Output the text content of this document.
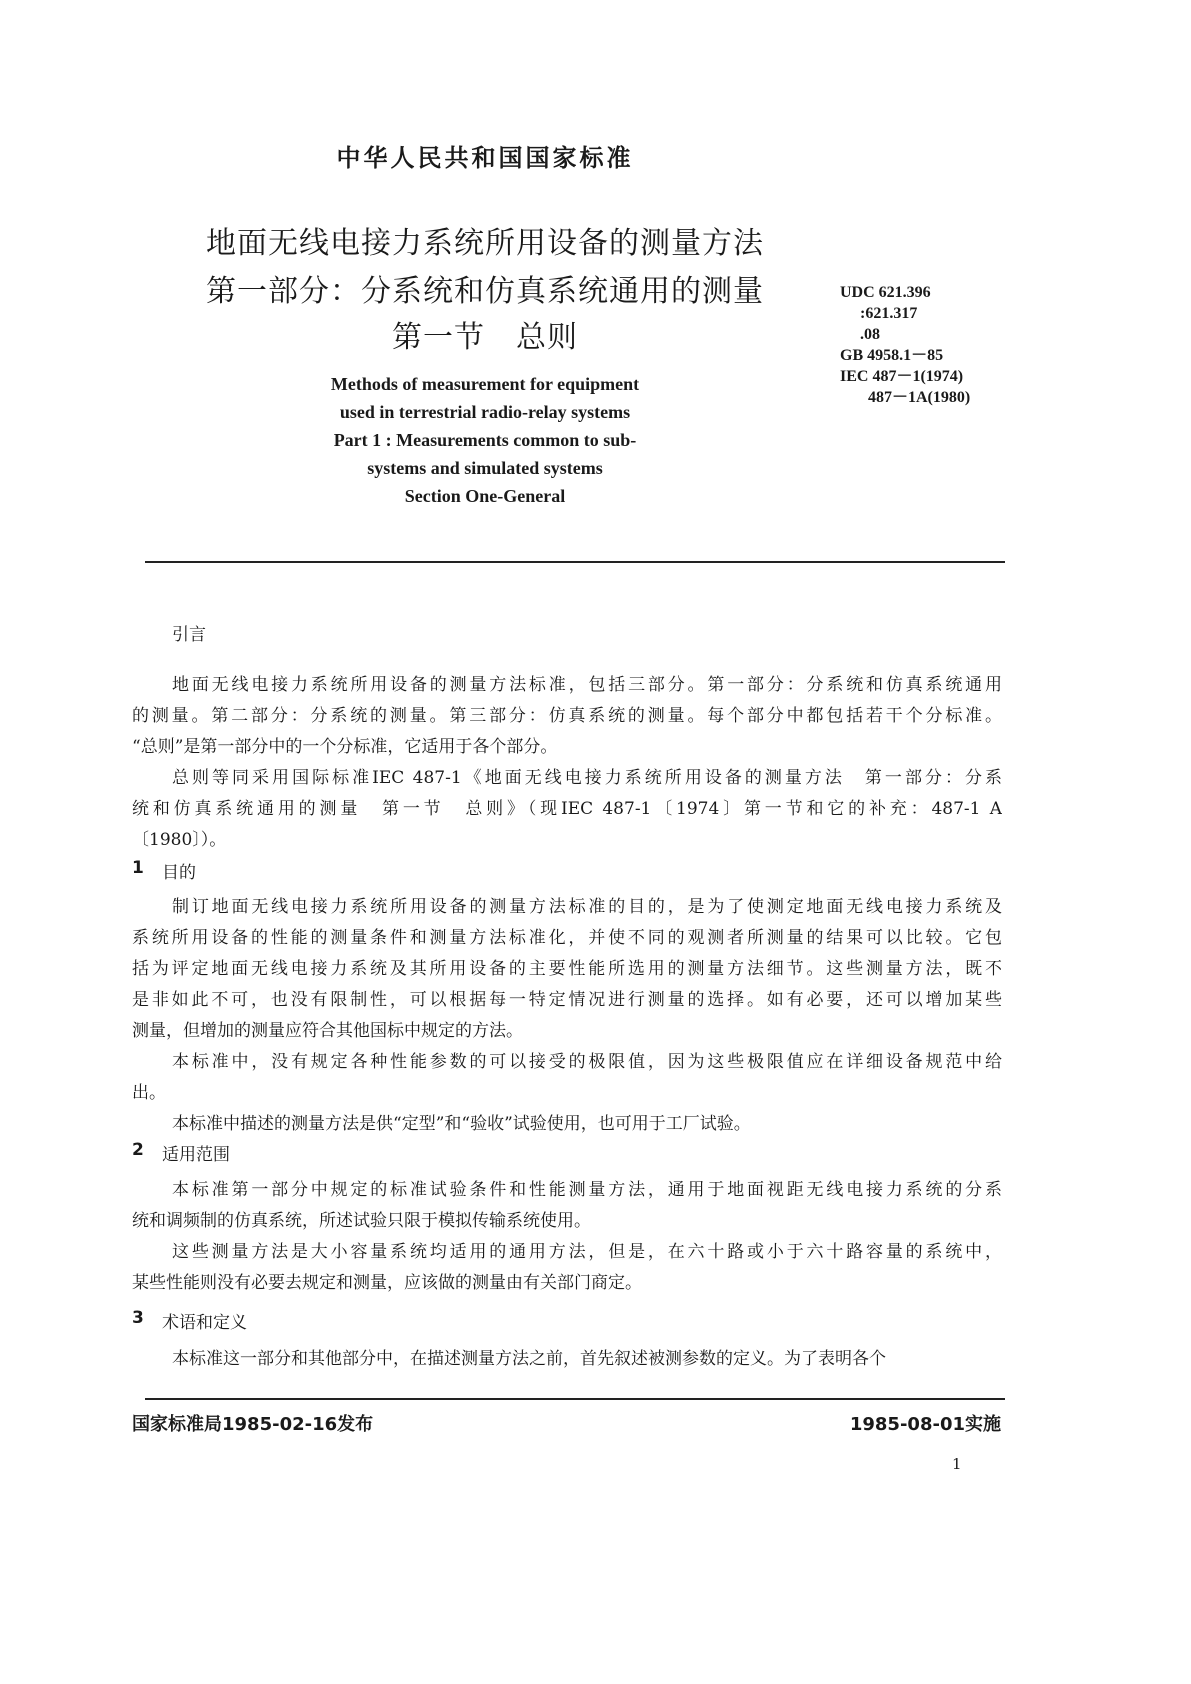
中华人民共和国国家标准
地面无线电接力系统所用设备的测量方法
第一部分：分系统和仿真系统通用的测量
第一节　总则
Methods of measurement for equipment
used in terrestrial radio-relay systems
Part 1 : Measurements common to sub-
systems and simulated systems
Section One-General
UDC 621.396
:621.317
.08
GB 4958.1－85
IEC 487－1(1974)
487－1A(1980)
引言
地面无线电接力系统所用设备的测量方法标准，包括三部分。第一部分：分系统和仿真系统通用
的测量。第二部分：分系统的测量。第三部分：仿真系统的测量。每个部分中都包括若干个分标准。
“总则”是第一部分中的一个分标准，它适用于各个部分。
总则等同采用国际标准IEC 487-1《地面无线电接力系统所用设备的测量方法　第一部分：分系
统和仿真系统通用的测量　第一节　总则》（现IEC 487-1〔1974〕第一节和它的补充：487-1 A
〔1980〕）。
1 目的
制订地面无线电接力系统所用设备的测量方法标准的目的，是为了使测定地面无线电接力系统及
系统所用设备的性能的测量条件和测量方法标准化，并使不同的观测者所测量的结果可以比较。它包
括为评定地面无线电接力系统及其所用设备的主要性能所选用的测量方法细节。这些测量方法，既不
是非如此不可，也没有限制性，可以根据每一特定情况进行测量的选择。如有必要，还可以增加某些
测量，但增加的测量应符合其他国标中规定的方法。
本标准中，没有规定各种性能参数的可以接受的极限值，因为这些极限值应在详细设备规范中给
出。
本标准中描述的测量方法是供“定型”和“验收”试验使用，也可用于工厂试验。
2 适用范围
本标准第一部分中规定的标准试验条件和性能测量方法，通用于地面视距无线电接力系统的分系
统和调频制的仿真系统，所述试验只限于模拟传输系统使用。
这些测量方法是大小容量系统均适用的通用方法，但是，在六十路或小于六十路容量的系统中，
某些性能则没有必要去规定和测量，应该做的测量由有关部门商定。
3 术语和定义
本标准这一部分和其他部分中，在描述测量方法之前，首先叙述被测参数的定义。为了表明各个
国家标准局1985-02-16发布	1985-08-01实施
1
